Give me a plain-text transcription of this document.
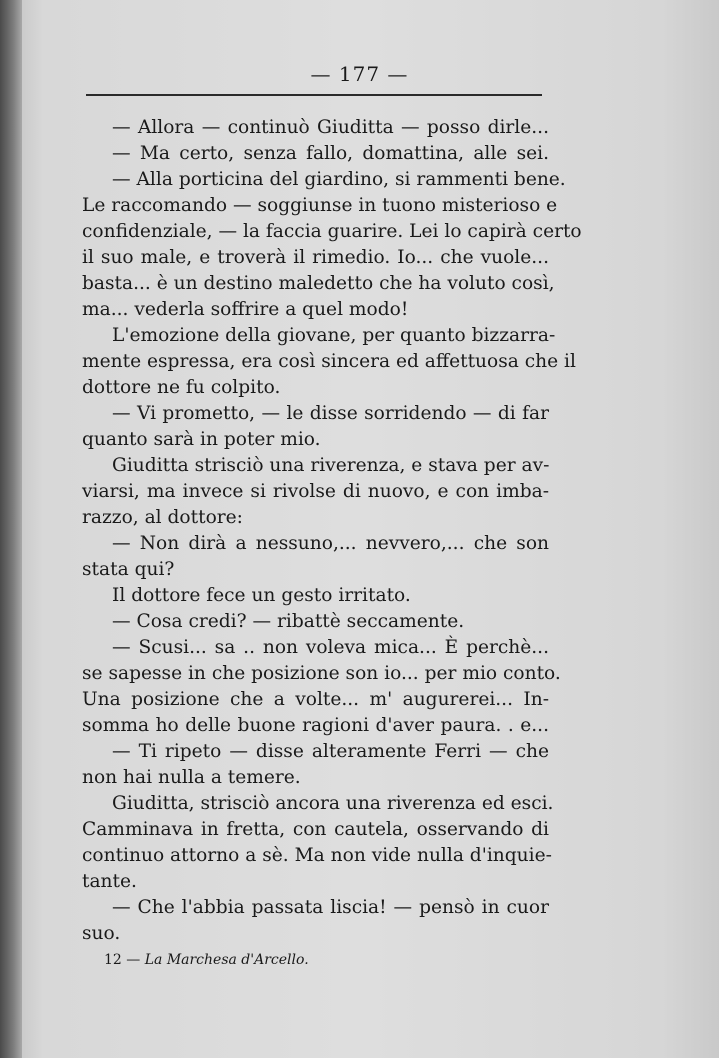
— 177 —
— Allora — continuò Giuditta — posso dirle...
— Ma certo, senza fallo, domattina, alle sei.
— Alla porticina del giardino, si rammenti bene.
Le raccomando — soggiunse in tuono misterioso e
confidenziale, — la faccia guarire. Lei lo capirà certo
il suo male, e troverà il rimedio. Io... che vuole...
basta... è un destino maledetto che ha voluto così,
ma... vederla soffrire a quel modo!
L'emozione della giovane, per quanto bizzarra-
mente espressa, era così sincera ed affettuosa che il
dottore ne fu colpito.
— Vi prometto, — le disse sorridendo — di far
quanto sarà in poter mio.
Giuditta strisciò una riverenza, e stava per av-
viarsi, ma invece si rivolse di nuovo, e con imba-
razzo, al dottore:
— Non dirà a nessuno,... nevvero,... che son
stata qui?
Il dottore fece un gesto irritato.
— Cosa credi? — ribattè seccamente.
— Scusi... sa .. non voleva mica... È perchè...
se sapesse in che posizione son io... per mio conto.
Una posizione che a volte... m' augurerei... In-
somma ho delle buone ragioni d'aver paura. . e...
— Ti ripeto — disse alteramente Ferri — che
non hai nulla a temere.
Giuditta, strisciò ancora una riverenza ed esci.
Camminava in fretta, con cautela, osservando di
continuo attorno a sè. Ma non vide nulla d'inquie-
tante.
— Che l'abbia passata liscia! — pensò in cuor
suo.
12 — La Marchesa d'Arcello.
